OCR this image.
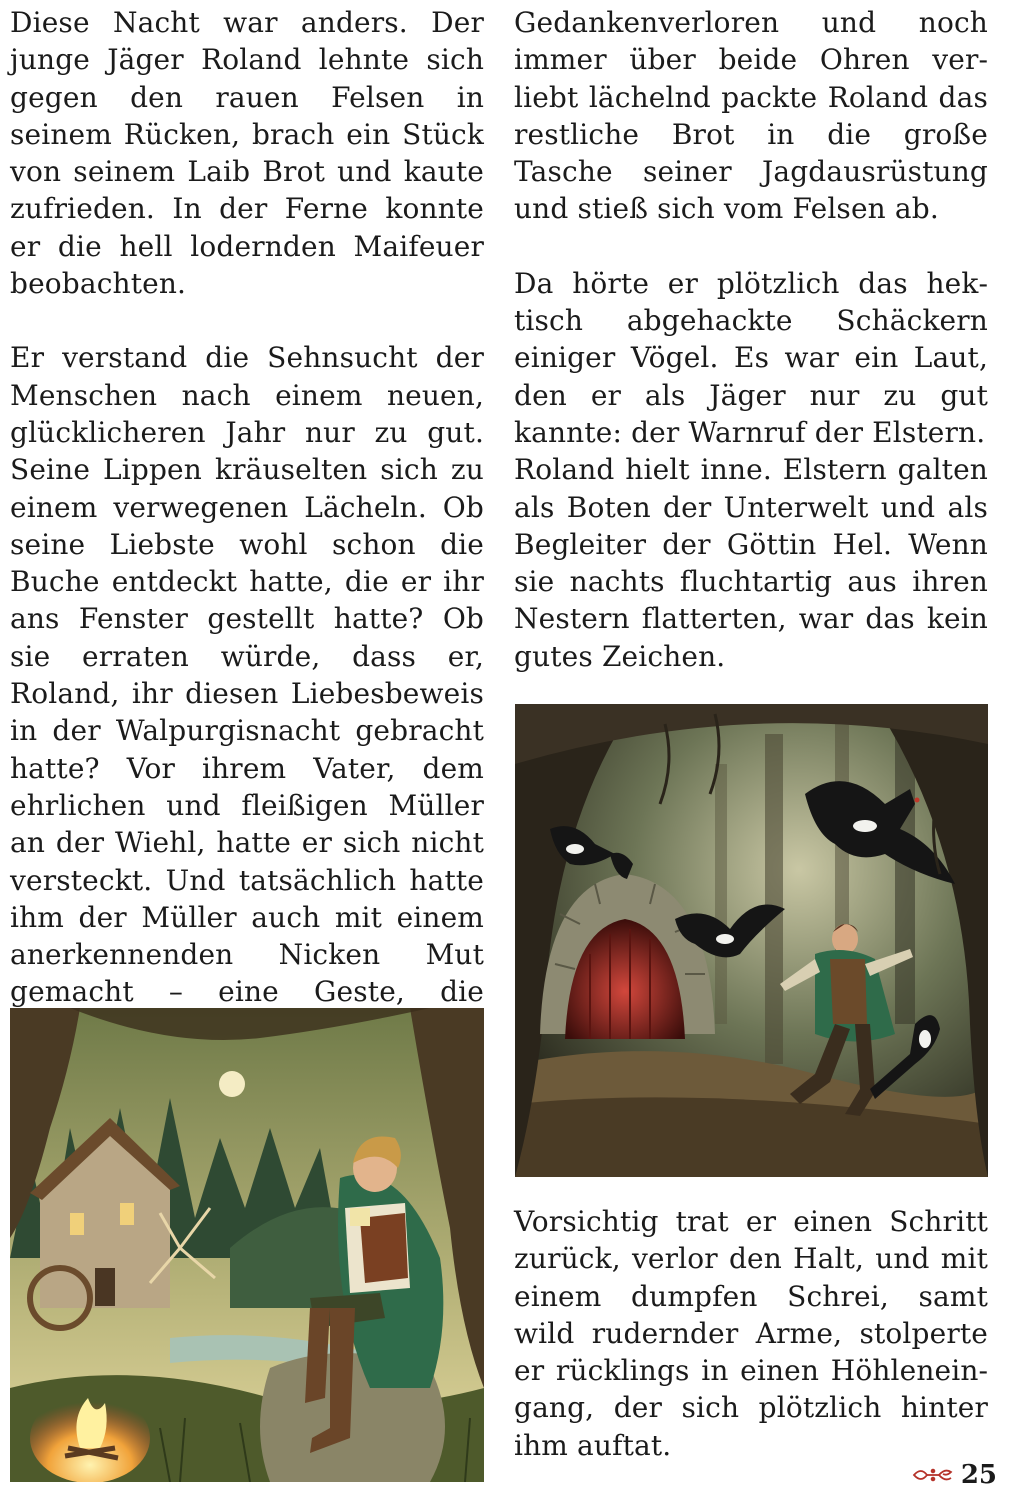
Diese Nacht war anders. Der junge Jäger Roland lehnte sich gegen den rauen Felsen in seinem Rücken, brach ein Stück von seinem Laib Brot und kaute zufrieden. In der Ferne konnte er die hell lodernden Maifeuer beobachten.

Er verstand die Sehnsucht der Menschen nach einem neuen, glücklicheren Jahr nur zu gut. Seine Lippen kräuselten sich zu einem verwegenen Lächeln. Ob seine Liebste wohl schon die Buche entdeckt hatte, die er ihr ans Fenster gestellt hatte? Ob sie erraten würde, dass er, Roland, ihr diesen Liebesbeweis in der Walpurgisnacht gebracht hatte? Vor ihrem Vater, dem ehrlichen und fleißigen Müller an der Wiehl, hatte er sich nicht versteckt. Und tatsächlich hatte ihm der Müller auch mit einem anerkennenden Nicken Mut gemacht – eine Geste, die

Gedankenverloren und noch immer über beide Ohren verliebt lächelnd packte Roland das restliche Brot in die große Tasche seiner Jagdausrüstung und stieß sich vom Felsen ab.

Da hörte er plötzlich das hektisch abgehackte Schäckern einiger Vögel. Es war ein Laut, den er als Jäger nur zu gut kannte: der Warnruf der Elstern.

Roland hielt inne. Elstern galten als Boten der Unterwelt und als Begleiter der Göttin Hel. Wenn sie nachts fluchtartig aus ihren Nestern flatterten, war das kein gutes Zeichen.

Vorsichtig trat er einen Schritt zurück, verlor den Halt, und mit einem dumpfen Schrei, samt wild rudernder Arme, stolperte er rücklings in einen Höhleneingang, der sich plötzlich hinter ihm auftat.

25
